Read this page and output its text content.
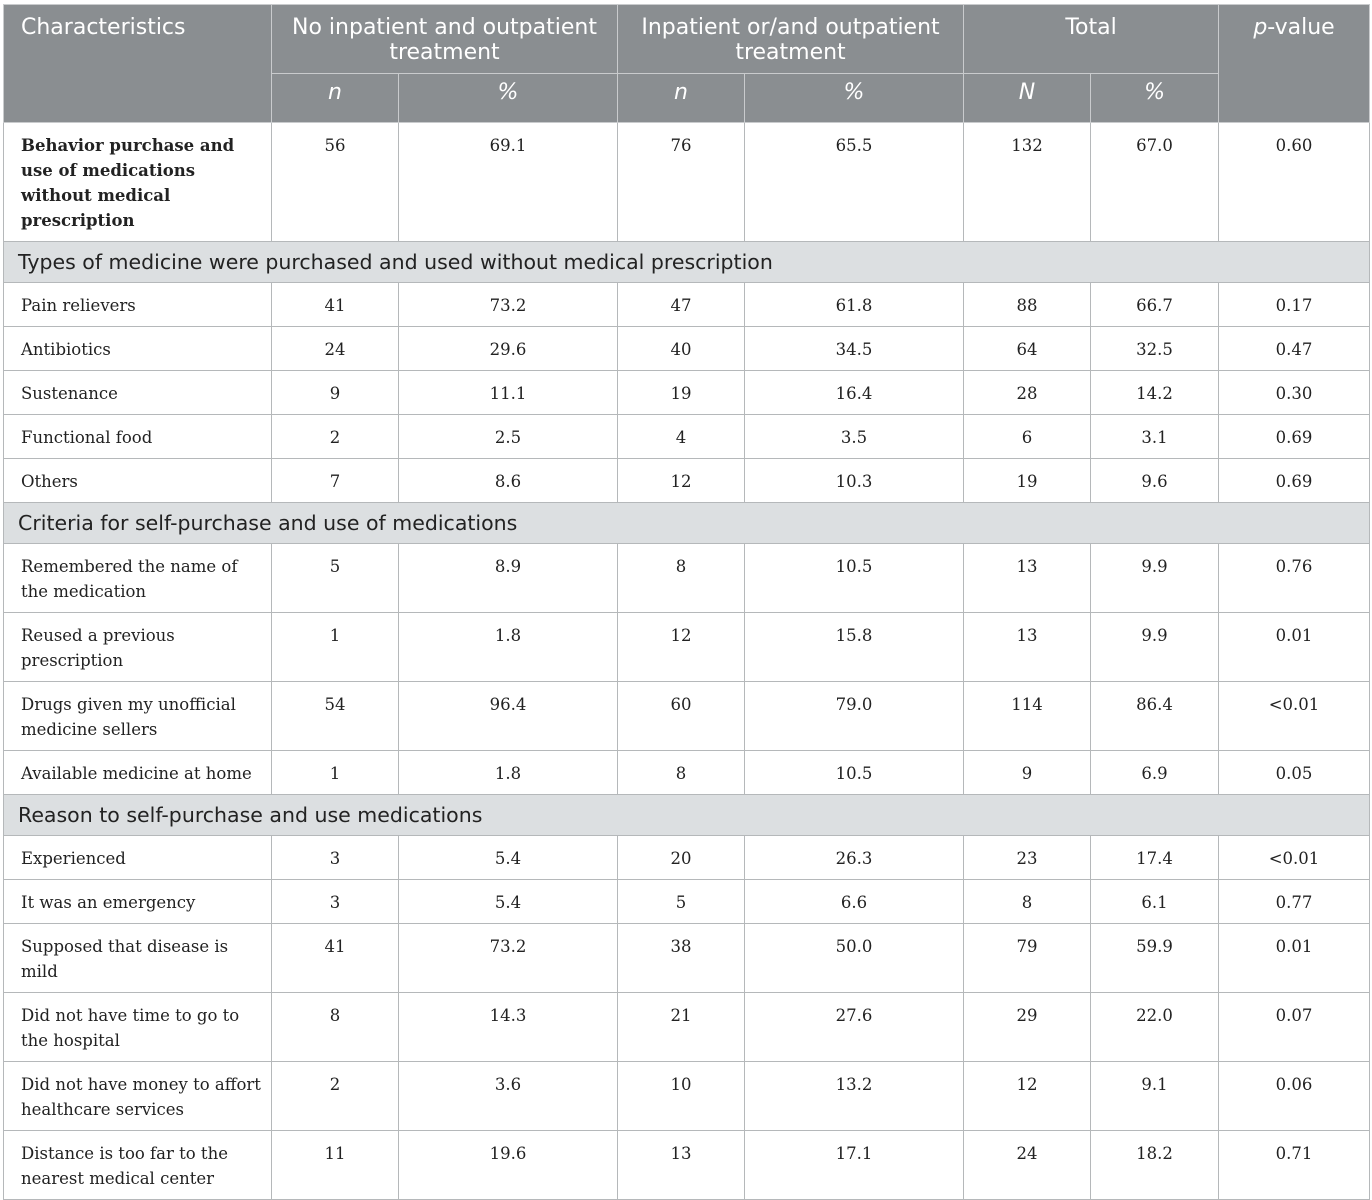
Characteristics	No inpatient and outpatient treatment		Inpatient or/and outpatient treatment		Total		p-value
	n	%	n	%	N	%	
Behavior purchase and use of medications without medical prescription	56	69.1	76	65.5	132	67.0	0.60
Types of medicine were purchased and used without medical prescription							
Pain relievers	41	73.2	47	61.8	88	66.7	0.17
Antibiotics	24	29.6	40	34.5	64	32.5	0.47
Sustenance	9	11.1	19	16.4	28	14.2	0.30
Functional food	2	2.5	4	3.5	6	3.1	0.69
Others	7	8.6	12	10.3	19	9.6	0.69
Criteria for self-purchase and use of medications							
Remembered the name of the medication	5	8.9	8	10.5	13	9.9	0.76
Reused a previous prescription	1	1.8	12	15.8	13	9.9	0.01
Drugs given my unofficial medicine sellers	54	96.4	60	79.0	114	86.4	<0.01
Available medicine at home	1	1.8	8	10.5	9	6.9	0.05
Reason to self-purchase and use medications							
Experienced	3	5.4	20	26.3	23	17.4	<0.01
It was an emergency	3	5.4	5	6.6	8	6.1	0.77
Supposed that disease is mild	41	73.2	38	50.0	79	59.9	0.01
Did not have time to go to the hospital	8	14.3	21	27.6	29	22.0	0.07
Did not have money to affort healthcare services	2	3.6	10	13.2	12	9.1	0.06
Distance is too far to the nearest medical center	11	19.6	13	17.1	24	18.2	0.71
